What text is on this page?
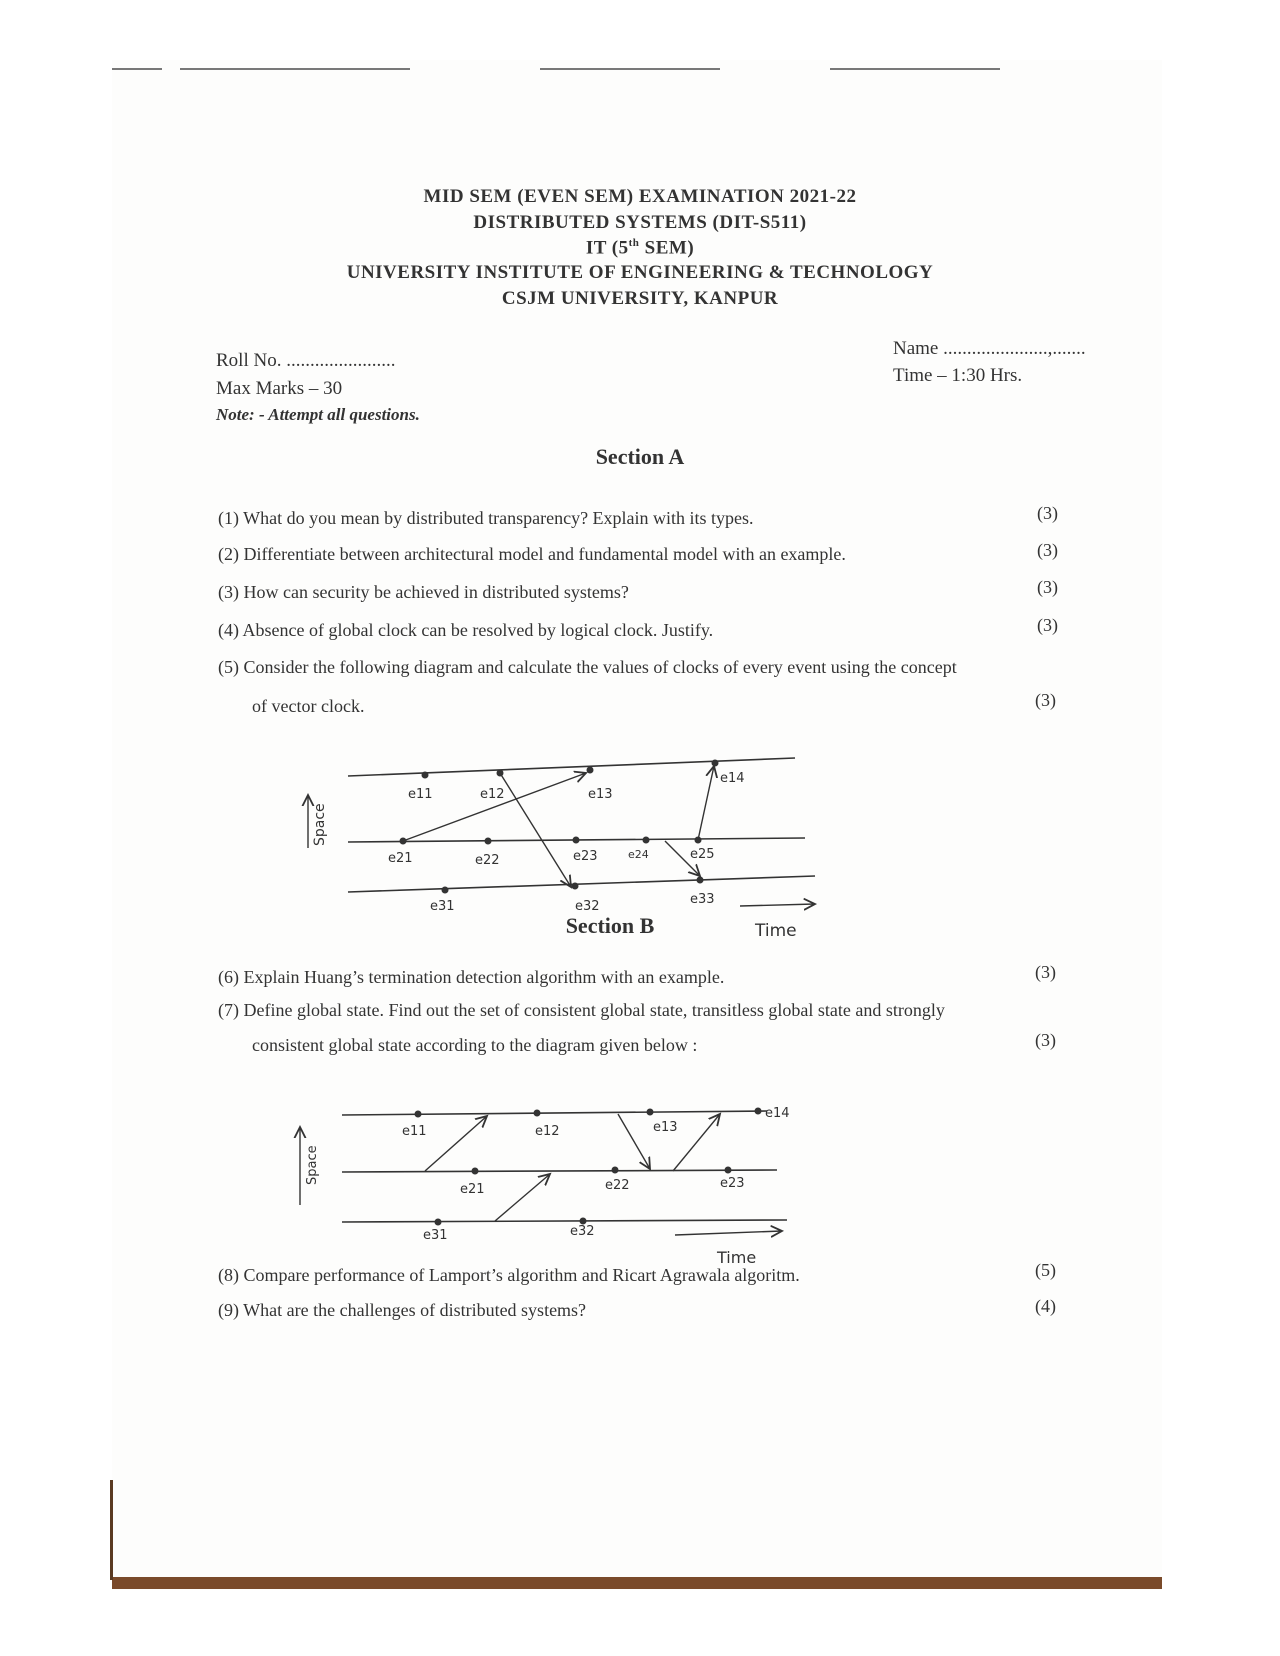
MID SEM (EVEN SEM) EXAMINATION 2021-22
DISTRIBUTED SYSTEMS (DIT-S511)
IT (5th SEM)
UNIVERSITY INSTITUTE OF ENGINEERING & TECHNOLOGY
CSJM UNIVERSITY, KANPUR
Roll No. .......................
Max Marks – 30
Note: - Attempt all questions.
Name ......................,.......
Time – 1:30 Hrs.
Section A
(1) What do you mean by distributed transparency? Explain with its types.	(3)
(2) Differentiate between architectural model and fundamental model with an example.	(3)
(3) How can security be achieved in distributed systems?	(3)
(4) Absence of global clock can be resolved by logical clock. Justify.	(3)
(5) Consider the following diagram and calculate the values of clocks of every event using the concept
of vector clock.	(3)
e11	e12	e13
e14
e21	e22	e23	e24	e25
e31	e32	e33
Space
Time
Section B
(6) Explain Huang’s termination detection algorithm with an example.	(3)
(7) Define global state. Find out the set of consistent global state, transitless global state and strongly
consistent global state according to the diagram given below :	(3)
e11	e12	e13
e14
e21	e22	e23
e31	e32
Space
Time
(8) Compare performance of Lamport’s algorithm and Ricart Agrawala algoritm.	(5)
(9) What are the challenges of distributed systems?	(4)
